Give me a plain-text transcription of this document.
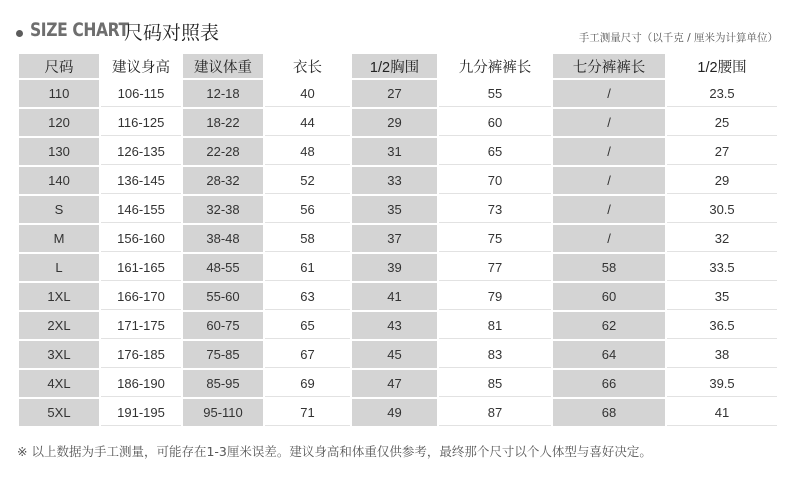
SIZE CHART
尺码对照表	手工测量尺寸（以千克 / 厘米为计算单位）
尺码	建议身高	建议体重	衣长	1/2胸围	九分裤裤长	七分裤裤长	1/2腰围
110	106-115	12-18	40	27	55	/	23.5
120	116-125	18-22	44	29	60	/	25
130	126-135	22-28	48	31	65	/	27
140	136-145	28-32	52	33	70	/	29
S	146-155	32-38	56	35	73	/	30.5
M	156-160	38-48	58	37	75	/	32
L	161-165	48-55	61	39	77	58	33.5
1XL	166-170	55-60	63	41	79	60	35
2XL	171-175	60-75	65	43	81	62	36.5
3XL	176-185	75-85	67	45	83	64	38
4XL	186-190	85-95	69	47	85	66	39.5
5XL	191-195	95-110	71	49	87	68	41
※ 以上数据为手工测量，可能存在1-3厘米误差。建议身高和体重仅供参考，最终那个尺寸以个人体型与喜好决定。
